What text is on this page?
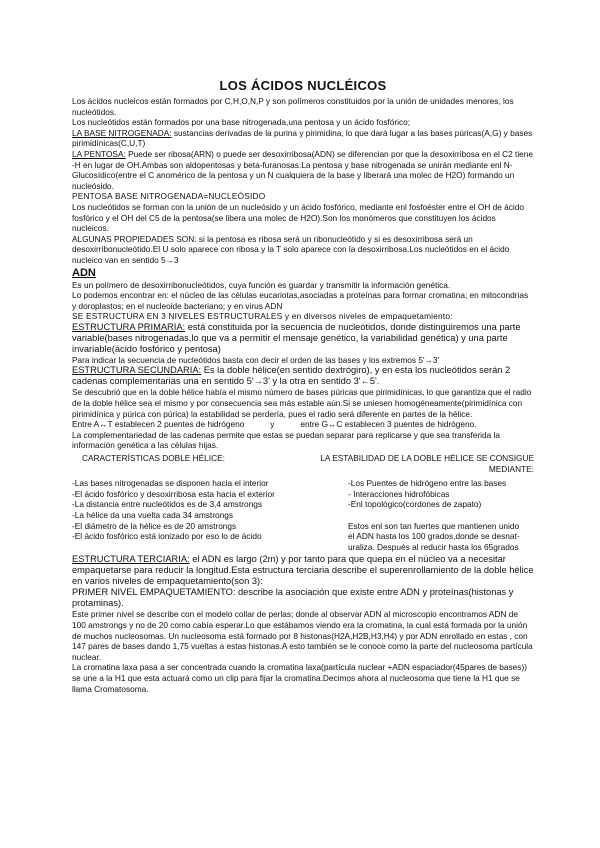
LOS ÁCIDOS NUCLÉICOS

Los ácidos nucleicos están formados por C,H,O,N,P y son polímeros constituidos por la unión de unidades menores, los nucleótidos.

Los nucleótidos están formados por una base nitrogenada,una pentosa y un ácido fosfórico;

LA BASE NITROGENADA: sustancias derivadas de la purina y pirimidina, lo que dará lugar a las bases púricas(A,G) y bases pirimidínicas(C,U,T)

LA PENTOSA: Puede ser ribosa(ARN) o puede ser desoxirribosa(ADN) se diferencian por que la desoxirribosa en el C2 tiene -H en lugar de OH.Ambas son aldopentosas y beta-furanosas.La pentosa y base nitrogenada se unirán mediante enl N-Glucosídico(entre el C anomérico de la pentosa y un N cualquiera de la base y liberará una molec de H2O) formando un nucleósido.

PENTOSA BASE NITROGENADA=NUCLEÓSIDO

Los nucleótidos se forman con la unión de un nucleósido y un ácido fosfórico, mediante enl fosfoéster entre el OH de ácido fosfórico y el OH del C5 de la pentosa(se libera una molec de H2O).Son los monómeros que constituyen los ácidos nucleicos.

ALGUNAS PROPIEDADES SON: si la pentosa es ribosa será un ribonucleótido y si es desoxirribosa será un desoxirribonucleótido.El U solo aparece con ribosa y la T solo aparece con la desoxirribosa.Los nucleótidos en el ácido nucleico van en sentido 5→3

ADN

Es un polímero de desoxirribonucleótidos, cuya función es guardar y transmitir la información genética.

Lo podemos encontrar en: el núcleo de las células eucariotas,asociadas a proteínas para formar cromatina; en mitocondrias y doroplastos; en el nucleoide bacteriano; y en virus ADN

SE ESTRUCTURA EN 3 NIVELES ESTRUCTURALES y en diversos niveles de empaquetamiento:

ESTRUCTURA PRIMARIA: está constituida por la secuencia de nucleótidos, donde distinguiremos una parte variable(bases nitrogenadas,lo que va a permitir el mensaje genético, la variabilidad genética) y una parte invariable(ácido fosfórico y pentosa)

Para indicar la secuencia de nucleótidos basta con decir el orden de las bases y los extremos 5'→3'

ESTRUCTURA SECUNDARIA: Es la doble hélice(en sentido dextrógiro), y en esta los nucleótidos serán 2 cadenas complementarias una en sentido 5'→3' y la otra en sentido 3'←5'.

Se descubrió que en la doble hélice había el mismo número de bases púricas que pirimidínicas, lo que garantiza que el radio de la doble hélice sea el mismo y por consecuencia sea más estable aún.Si se uniesen homogéneamente(pirimidínica con pirimidínica y púrica con púrica) la estabilidad se perdería, pues el radio será diferente en partes de la hélice.

Entre A↔T establecen 2 puentes de hidrógeno	y	entre G↔C establecen 3 puentes de hidrógeno.

La complementariedad de las cadenas permite que estas se puedan separar para replicarse y que sea transferida la información genética a las células hijas.

CARACTERÍSTICAS DOBLE HÉLICE:	LA ESTABILIDAD DE LA DOBLE HÉLICE SE CONSIGUE MEDIANTE:
-Las bases nitrogenadas se disponen hacia el interior	-Los Puentes de hidrógeno entre las bases
-El ácido fosfórico y desoxirribosa esta hacia el exterior	- Interacciones hidrofóbicas
-La distancia entre nucleótidos es de 3,4 amstrongs	-Enl topológico(cordones de zapato)
-La hélice da una vuelta cada 34 amstrongs
-El diámetro de la hélice es de 20 amstrongs	Estos enl son tan fuertes que mantienen unido
-El ácido fosfórico está ionizado por eso lo de ácido	el ADN hasta los 100 grados,donde se desnat-
uraliza. Después al reducir hasta los 65grados

ESTRUCTURA TERCIARIA: el ADN es largo (2m) y por tanto para que quepa en el núcleo va a necesitar empaquetarse para reducir la longitud.Esta estructura terciaria describe el superenrollamiento de la doble hélice en varios niveles de empaquetamiento(son 3):

PRIMER NIVEL EMPAQUETAMIENTO: describe la asociación que existe entre ADN y proteínas(histonas y protaminas).

Este primer nivel se describe con el modelo collar de perlas; donde al observar ADN al microscopio encontramos ADN de 100 amstrongs y no de 20 como cabía esperar.Lo que estábamos viendo era la cromatina, la cual está formada por la unión de muchos nucleosomas. Un nucleosoma está formado por 8 histonas(H2A,H2B,H3,H4) y por ADN enrollado en estas , con 147 pares de bases dando 1,75 vueltas a estas histonas.A esto también se le conoce como la parte del nucleosoma partícula nuclear.

La cromatina laxa pasa a ser concentrada cuando la cromatina laxa(partícula nuclear +ADN espaciador(45pares de bases)) se une a la H1 que esta actuará como un clip para fijar la cromatina.Decimos ahora al nucleosoma que tiene la H1 que se llama Cromatosoma.
